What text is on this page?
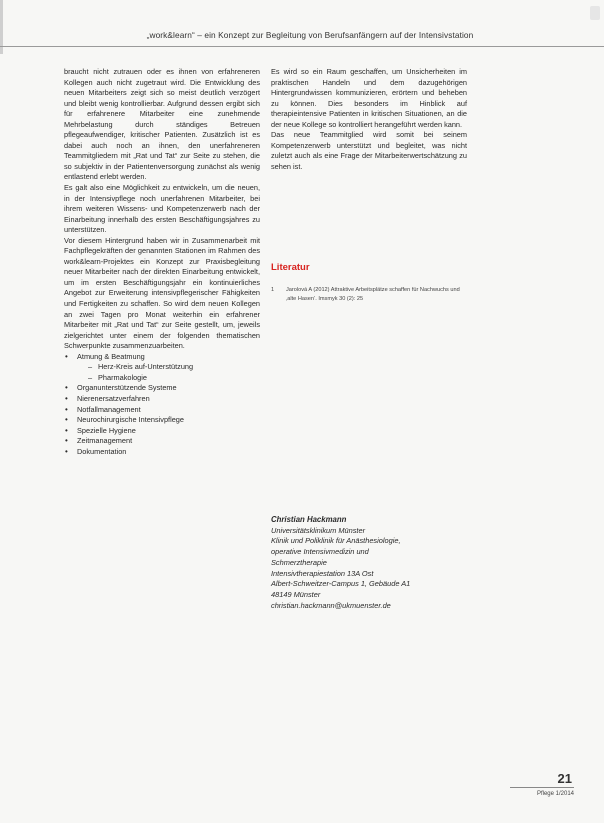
„work&learn“ – ein Konzept zur Begleitung von Berufsanfängern auf der Intensivstation

braucht nicht zutrauen oder es ihnen von erfahreneren Kollegen auch nicht zugetraut wird. Die Entwicklung des neuen Mitarbeiters zeigt sich so meist deutlich verzögert und bleibt wenig kontrollierbar. Aufgrund dessen ergibt sich für erfahrenere Mitarbeiter eine zunehmende Mehrbelastung durch ständiges Betreuen pflegeaufwendiger, kritischer Patienten. Zusätzlich ist es dabei auch noch an ihnen, den unerfahreneren Teammitgliedern mit „Rat und Tat“ zur Seite zu stehen, die so subjektiv in der Patientenversorgung zunächst als wenig entlastend erlebt werden.

Es galt also eine Möglichkeit zu entwickeln, um die neuen, in der Intensivpflege noch unerfahrenen Mitarbeiter, bei ihrem weiteren Wissens- und Kompetenzerwerb nach der Einarbeitung innerhalb des ersten Beschäftigungsjahres zu unterstützen.

Vor diesem Hintergrund haben wir in Zusammenarbeit mit Fachpflegekräften der genannten Stationen im Rahmen des work&learn-Projektes ein Konzept zur Praxisbegleitung neuer Mitarbeiter nach der direkten Einarbeitung entwickelt, um im ersten Beschäftigungsjahr ein kontinuierliches Angebot zur Erweiterung intensivpflegerischer Fähigkeiten und Fertigkeiten zu schaffen. So wird dem neuen Kollegen an zwei Tagen pro Monat weiterhin ein erfahrener Mitarbeiter mit „Rat und Tat“ zur Seite gestellt, um, jeweils zielgerichtet unter einem der folgenden thematischen Schwerpunkte zusammenzuarbeiten.

• Atmung & Beatmung
– Herz-Kreis auf-Unterstützung
– Pharmakologie
• Organunterstützende Systeme
• Nierenersatzverfahren
• Notfallmanagement
• Neurochirurgische Intensivpflege
• Spezielle Hygiene
• Zeitmanagement
• Dokumentation

Es wird so ein Raum geschaffen, um Unsicherheiten im praktischen Handeln und dem dazugehörigen Hintergrundwissen kommunizieren, erörtern und beheben zu können. Dies besonders im Hinblick auf therapieintensive Patienten in kritischen Situationen, an die der neue Kollege so kontrolliert herangeführt werden kann.

Das neue Teammitglied wird somit bei seinem Kompetenzerwerb unterstützt und begleitet, was nicht zuletzt auch als eine Frage der Mitarbeiterwertschätzung zu sehen ist.

Literatur
1 Jarolová A (2012) Attraktive Arbeitsplätze schaffen für Nachwuchs und ‚alte Hasen‘. Imsmyk 30 (2): 25
Christian Hackmann
Universitätsklinikum Münster
Klinik und Poliklinik für Anästhesiologie,
operative Intensivmedizin und
Schmerztherapie
Intensivtherapiestation 13A Ost
Albert-Schweitzer-Campus 1, Gebäude A1
48149 Münster
christian.hackmann@ukmuenster.de
21
Pflege 1/2014
